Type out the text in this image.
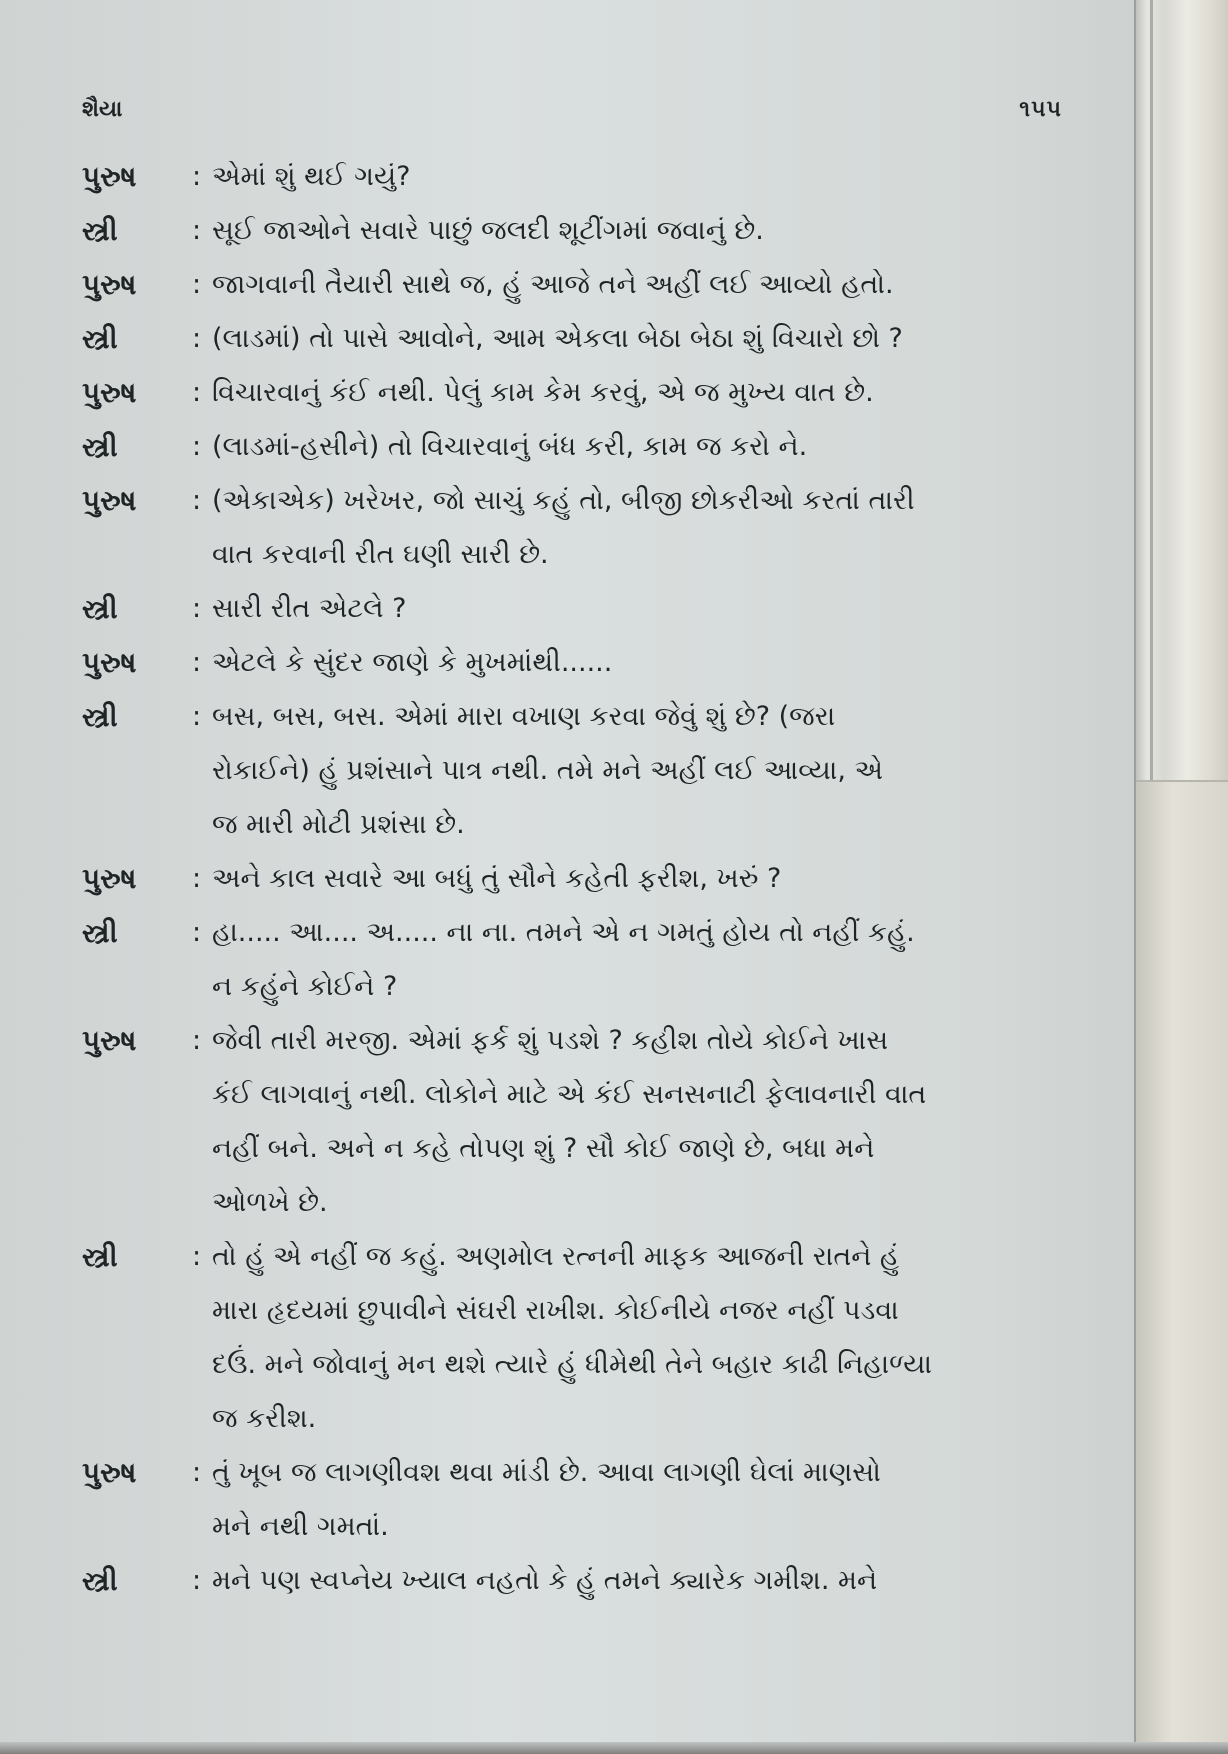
શૈયા	૧૫૫
પુરુષ	: એમાં શું થઈ ગયું?
સ્ત્રી	: સૂઈ જાઓને સવારે પાછું જલદી શૂટીંગમાં જવાનું છે.
પુરુષ	: જાગવાની તૈયારી સાથે જ, હું આજે તને અહીં લઈ આવ્યો હતો.
સ્ત્રી	: (લાડમાં) તો પાસે આવોને, આમ એકલા બેઠા બેઠા શું વિચારો છો ?
પુરુષ	: વિચારવાનું કંઈ નથી. પેલું કામ કેમ કરવું, એ જ મુખ્ય વાત છે.
સ્ત્રી	: (લાડમાં-હસીને) તો વિચારવાનું બંધ કરી, કામ જ કરો ને.
પુરુષ	: (એકાએક) ખરેખર, જો સાચું કહું તો, બીજી છોકરીઓ કરતાં તારી
વાત કરવાની રીત ઘણી સારી છે.
સ્ત્રી	: સારી રીત એટલે ?
પુરુષ	: એટલે કે સુંદર જાણે કે મુખમાંથી......
સ્ત્રી	: બસ, બસ, બસ. એમાં મારા વખાણ કરવા જેવું શું છે? (જરા
રોકાઈને) હું પ્રશંસાને પાત્ર નથી. તમે મને અહીં લઈ આવ્યા, એ
જ મારી મોટી પ્રશંસા છે.
પુરુષ	: અને કાલ સવારે આ બધું તું સૌને કહેતી ફરીશ, ખરું ?
સ્ત્રી	: હા..... આ.... અ..... ના ના. તમને એ ન ગમતું હોય તો નહીં કહું.
ન કહુંને કોઈને ?
પુરુષ	: જેવી તારી મરજી. એમાં ફર્ક શું પડશે ? કહીશ તોયે કોઈને ખાસ
કંઈ લાગવાનું નથી. લોકોને માટે એ કંઈ સનસનાટી ફેલાવનારી વાત
નહીં બને. અને ન કહે તોપણ શું ? સૌ કોઈ જાણે છે, બધા મને
ઓળખે છે.
સ્ત્રી	: તો હું એ નહીં જ કહું. અણમોલ રત્નની માફક આજની રાતને હું
મારા હૃદયમાં છુપાવીને સંઘરી રાખીશ. કોઈનીયે નજર નહીં પડવા
દઉં. મને જોવાનું મન થશે ત્યારે હું ધીમેથી તેને બહાર કાઢી નિહાળ્યા
જ કરીશ.
પુરુષ	: તું ખૂબ જ લાગણીવશ થવા માંડી છે. આવા લાગણી ઘેલાં માણસો
મને નથી ગમતાં.
સ્ત્રી	: મને પણ સ્વપ્નેય ખ્યાલ નહતો કે હું તમને ક્યારેક ગમીશ. મને
